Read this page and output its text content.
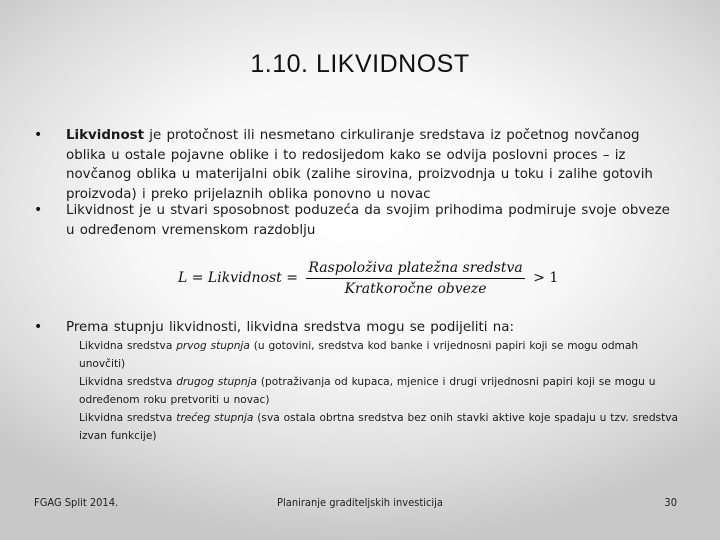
1.10. LIKVIDNOST
•	Likvidnost je protočnost ili nesmetano cirkuliranje sredstava iz početnog novčanog oblika u ostale pojavne oblike i to redosijedom kako se odvija poslovni proces – iz novčanog oblika u materijalni obik (zalihe sirovina, proizvodnja u toku i zalihe gotovih proizvoda) i preko prijelaznih oblika ponovno u novac
•	Likvidnost je u stvari sposobnost poduzeća da svojim prihodima podmiruje svoje obveze u određenom vremenskom razdoblju
L = Likvidnost = $\frac{\text{Raspoloživa platežna sredstva}}{\text{Kratkoročne obveze}} > 1$
•	Prema stupnju likvidnosti, likvidna sredstva mogu se podijeliti na:
Likvidna sredstva prvog stupnja (u gotovini, sredstva kod banke i vrijednosni papiri koji se mogu odmah unovčiti)
Likvidna sredstva drugog stupnja (potraživanja od kupaca, mjenice i drugi vrijednosni papiri koji se mogu u određenom roku pretvoriti u novac)
Likvidna sredstva trećeg stupnja (sva ostala obrtna sredstva bez onih stavki aktive koje spadaju u tzv. sredstva izvan funkcije)
FGAG Split 2014.	Planiranje graditeljskih investicija	30
